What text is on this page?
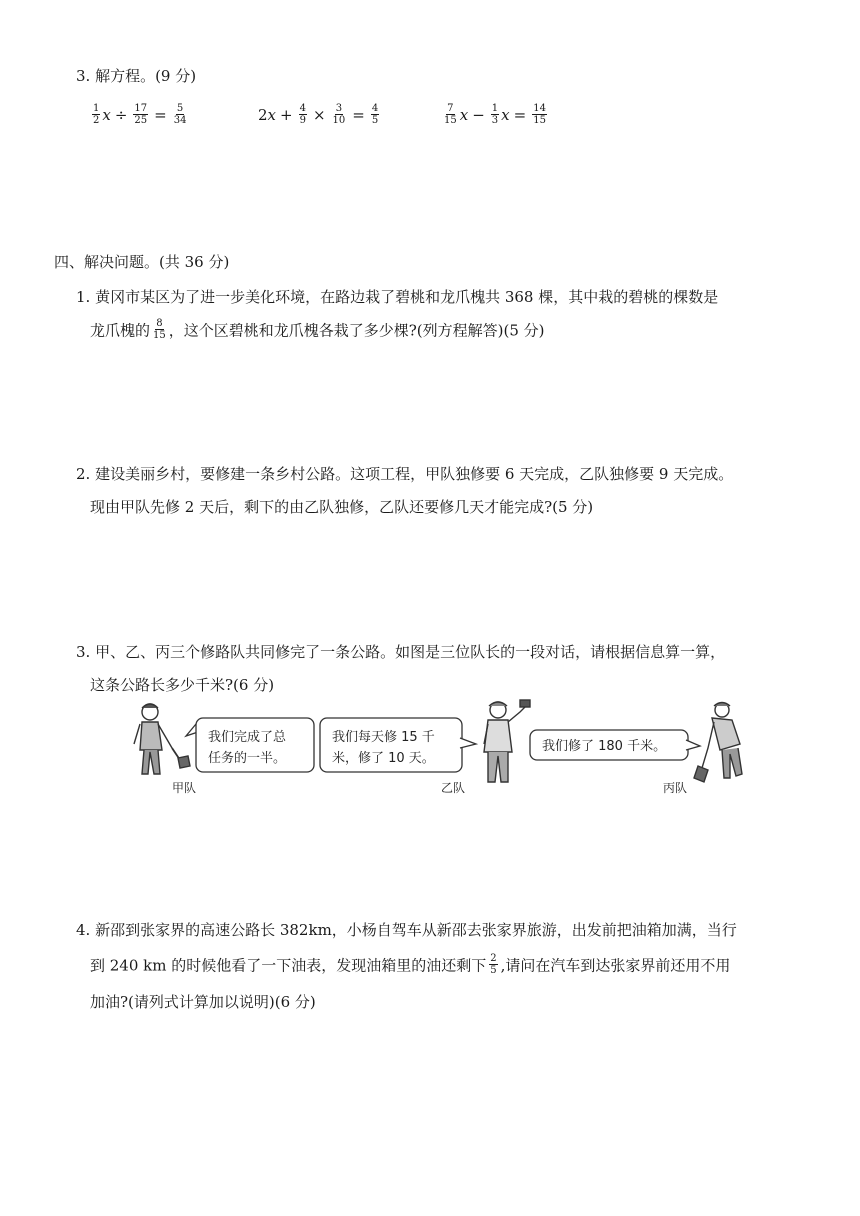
3. 解方程。(9 分)
$\frac{1}{2}$ $x \div \frac{17}{25} = \frac{5}{34}$	2 $x + \frac{4}{9} \times \frac{3}{10} = \frac{4}{5}$	$\frac{7}{15}$ $x - \frac{1}{3}$ $x = \frac{14}{15}$
四、解决问题。(共 36 分)
1. 黄冈市某区为了进一步美化环境，在路边栽了碧桃和龙爪槐共 368 棵，其中栽的碧桃的棵数是
龙爪槐的 $\frac{8}{15}$ ，这个区碧桃和龙爪槐各栽了多少棵?(列方程解答)(5 分)
2. 建设美丽乡村，要修建一条乡村公路。这项工程，甲队独修要 6 天完成，乙队独修要 9 天完成。
现由甲队先修 2 天后，剩下的由乙队独修，乙队还要修几天才能完成?(5 分)
3. 甲、乙、丙三个修路队共同修完了一条公路。如图是三位队长的一段对话，请根据信息算一算，
这条公路长多少千米?(6 分)
我们完成了总
任务的一半。
我们每天修 15 千
米，修了 10 天。
我们修了 180 千米。
甲队	乙队	丙队
4. 新邵到张家界的高速公路长 382km，小杨自驾车从新邵去张家界旅游，出发前把油箱加满，当行
到 240 km 的时候他看了一下油表，发现油箱里的油还剩下 $\frac{2}{5}$ ,请问在汽车到达张家界前还用不用
加油?(请列式计算加以说明)(6 分)
